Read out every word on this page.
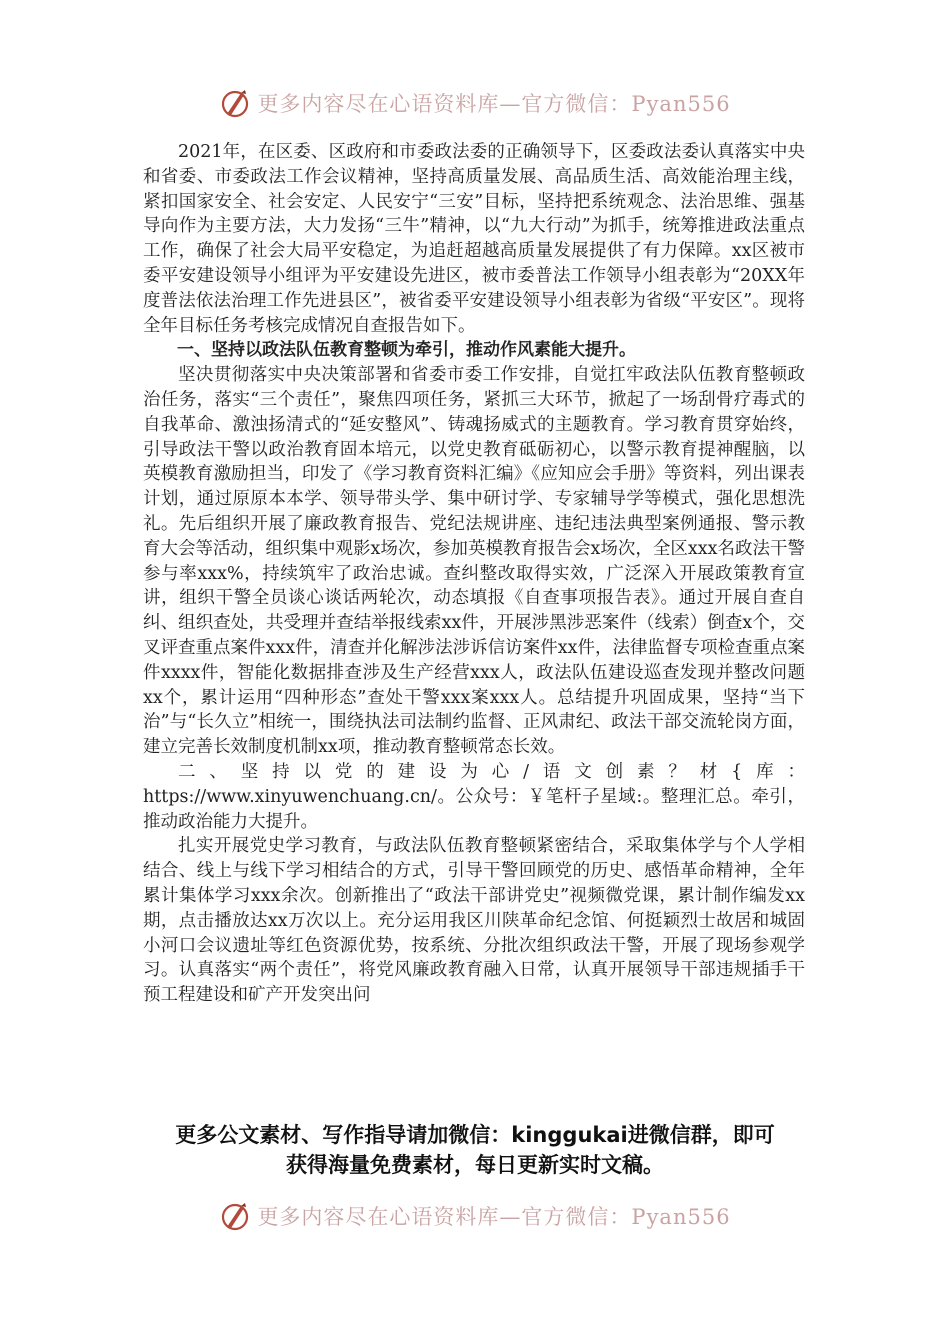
更多内容尽在心语资料库—官方微信：Pyan556

2021年，在区委、区政府和市委政法委的正确领导下，区委政法委认真落实中央和省委、市委政法工作会议精神，坚持高质量发展、高品质生活、高效能治理主线，紧扣国家安全、社会安定、人民安宁“三安”目标，坚持把系统观念、法治思维、强基导向作为主要方法，大力发扬“三牛”精神，以“九大行动”为抓手，统筹推进政法重点工作，确保了社会大局平安稳定，为追赶超越高质量发展提供了有力保障。xx区被市委平安建设领导小组评为平安建设先进区，被市委普法工作领导小组表彰为“20XX年度普法依法治理工作先进县区”，被省委平安建设领导小组表彰为省级“平安区”。现将全年目标任务考核完成情况自查报告如下。

一、坚持以政法队伍教育整顿为牵引，推动作风素能大提升。

坚决贯彻落实中央决策部署和省委市委工作安排，自觉扛牢政法队伍教育整顿政治任务，落实“三个责任”，聚焦四项任务，紧抓三大环节，掀起了一场刮骨疗毒式的自我革命、激浊扬清式的“延安整风”、铸魂扬威式的主题教育。学习教育贯穿始终，引导政法干警以政治教育固本培元，以党史教育砥砺初心，以警示教育提神醒脑，以英模教育激励担当，印发了《学习教育资料汇编》《应知应会手册》等资料，列出课表计划，通过原原本本学、领导带头学、集中研讨学、专家辅导学等模式，强化思想洗礼。先后组织开展了廉政教育报告、党纪法规讲座、违纪违法典型案例通报、警示教育大会等活动，组织集中观影x场次，参加英模教育报告会x场次，全区xxx名政法干警参与率xxx%，持续筑牢了政治忠诚。查纠整改取得实效，广泛深入开展政策教育宣讲，组织干警全员谈心谈话两轮次，动态填报《自查事项报告表》。通过开展自查自纠、组织查处，共受理并查结举报线索xx件，开展涉黑涉恶案件（线索）倒查x个，交叉评查重点案件xxx件，清查并化解涉法涉诉信访案件xx件，法律监督专项检查重点案件xxxx件，智能化数据排查涉及生产经营xxx人，政法队伍建设巡查发现并整改问题xx个，累计运用“四种形态”查处干警xxx案xxx人。总结提升巩固成果，坚持“当下治”与“长久立”相统一，围绕执法司法制约监督、正风肃纪、政法干部交流轮岗方面，建立完善长效制度机制xx项，推动教育整顿常态长效。

二、坚持以党的建设为心/语文创素？材{库：https://www.xinyuwenchuang.cn/。公众号：￥笔杆子星域:。整理汇总。牵引，推动政治能力大提升。

扎实开展党史学习教育，与政法队伍教育整顿紧密结合，采取集体学与个人学相结合、线上与线下学习相结合的方式，引导干警回顾党的历史、感悟革命精神，全年累计集体学习xxx余次。创新推出了“政法干部讲党史”视频微党课，累计制作编发xx期，点击播放达xx万次以上。充分运用我区川陕革命纪念馆、何挺颖烈士故居和城固小河口会议遗址等红色资源优势，按系统、分批次组织政法干警，开展了现场参观学习。认真落实“两个责任”，将党风廉政教育融入日常，认真开展领导干部违规插手干预工程建设和矿产开发突出问

更多公文素材、写作指导请加微信：kinggukai进微信群，即可
获得海量免费素材，每日更新实时文稿。
更多内容尽在心语资料库—官方微信：Pyan556
